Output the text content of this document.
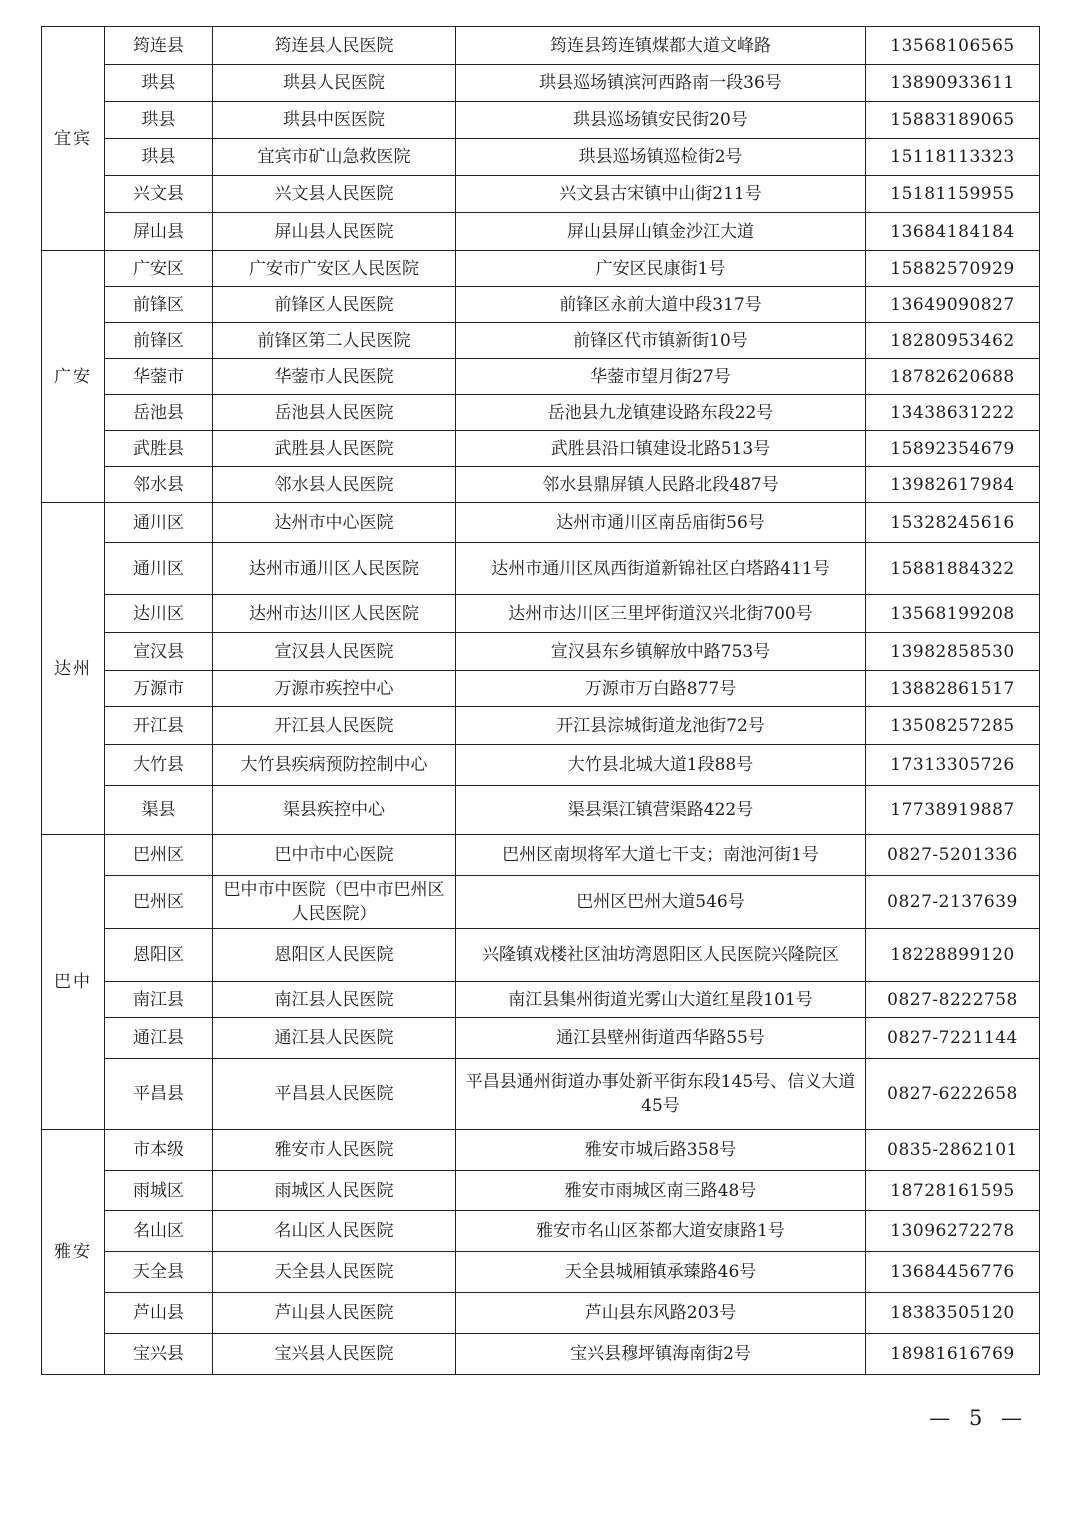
宜宾	筠连县	筠连县人民医院	筠连县筠连镇煤都大道文峰路	13568106565
	珙县	珙县人民医院	珙县巡场镇滨河西路南一段36号	13890933611
	珙县	珙县中医医院	珙县巡场镇安民街20号	15883189065
	珙县	宜宾市矿山急救医院	珙县巡场镇巡检街2号	15118113323
	兴文县	兴文县人民医院	兴文县古宋镇中山街211号	15181159955
	屏山县	屏山县人民医院	屏山县屏山镇金沙江大道	13684184184
广安	广安区	广安市广安区人民医院	广安区民康街1号	15882570929
	前锋区	前锋区人民医院	前锋区永前大道中段317号	13649090827
	前锋区	前锋区第二人民医院	前锋区代市镇新街10号	18280953462
	华蓥市	华蓥市人民医院	华蓥市望月街27号	18782620688
	岳池县	岳池县人民医院	岳池县九龙镇建设路东段22号	13438631222
	武胜县	武胜县人民医院	武胜县沿口镇建设北路513号	15892354679
	邻水县	邻水县人民医院	邻水县鼎屏镇人民路北段487号	13982617984
达州	通川区	达州市中心医院	达州市通川区南岳庙街56号	15328245616
	通川区	达州市通川区人民医院	达州市通川区凤西街道新锦社区白塔路411号	15881884322
	达川区	达州市达川区人民医院	达州市达川区三里坪街道汉兴北街700号	13568199208
	宣汉县	宣汉县人民医院	宣汉县东乡镇解放中路753号	13982858530
	万源市	万源市疾控中心	万源市万白路877号	13882861517
	开江县	开江县人民医院	开江县淙城街道龙池街72号	13508257285
	大竹县	大竹县疾病预防控制中心	大竹县北城大道1段88号	17313305726
	渠县	渠县疾控中心	渠县渠江镇营渠路422号	17738919887
巴中	巴州区	巴中市中心医院	巴州区南坝将军大道七干支；南池河街1号	0827-5201336
	巴州区	巴中市中医院（巴中市巴州区人民医院）	巴州区巴州大道546号	0827-2137639
	恩阳区	恩阳区人民医院	兴隆镇戏楼社区油坊湾恩阳区人民医院兴隆院区	18228899120
	南江县	南江县人民医院	南江县集州街道光雾山大道红星段101号	0827-8222758
	通江县	通江县人民医院	通江县壁州街道西华路55号	0827-7221144
	平昌县	平昌县人民医院	平昌县通州街道办事处新平街东段145号、信义大道45号	0827-6222658
雅安	市本级	雅安市人民医院	雅安市城后路358号	0835-2862101
	雨城区	雨城区人民医院	雅安市雨城区南三路48号	18728161595
	名山区	名山区人民医院	雅安市名山区茶都大道安康路1号	13096272278
	天全县	天全县人民医院	天全县城厢镇承臻路46号	13684456776
	芦山县	芦山县人民医院	芦山县东风路203号	18383505120
	宝兴县	宝兴县人民医院	宝兴县穆坪镇海南街2号	18981616769
— 5 —
